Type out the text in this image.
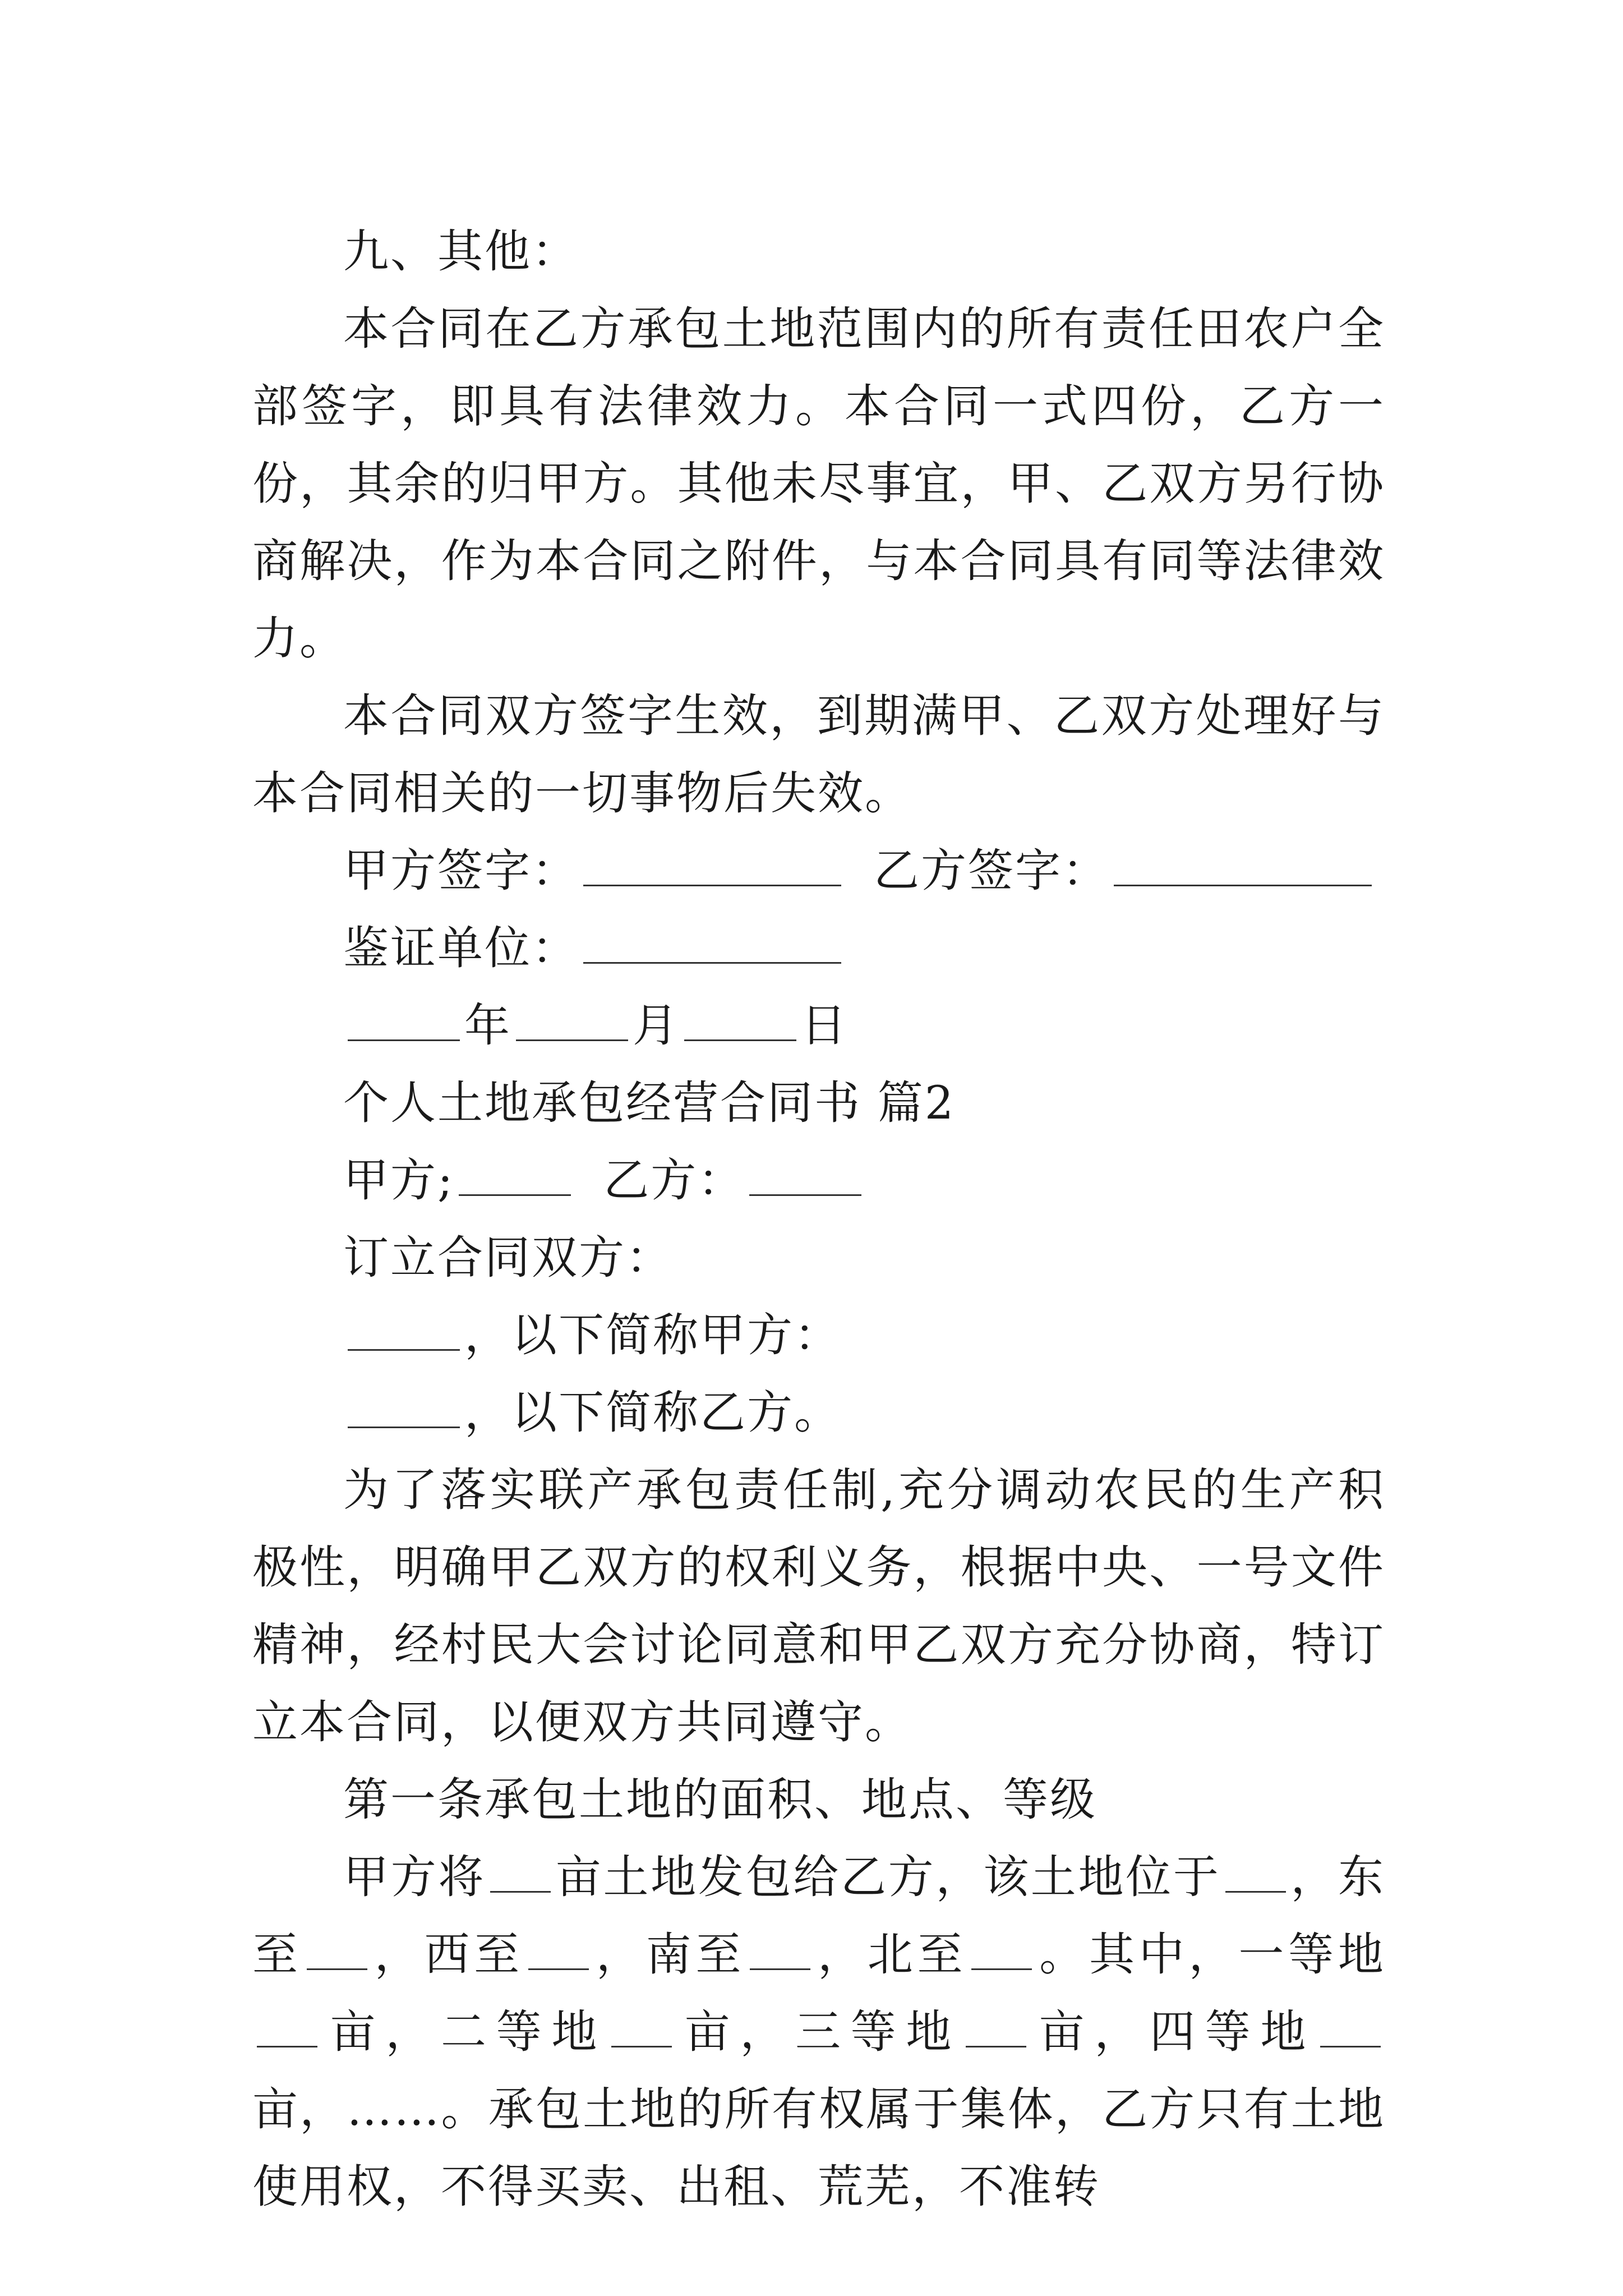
九、其他：

本合同在乙方承包土地范围内的所有责任田农户全部签字，即具有法律效力。本合同一式四份，乙方一份，其余的归甲方。其他未尽事宜，甲、乙双方另行协商解决，作为本合同之附件，与本合同具有同等法律效力。

本合同双方签字生效，到期满甲、乙双方处理好与本合同相关的一切事物后失效。

甲方签字：	乙方签字：

鉴证单位：

年	月	日

个人土地承包经营合同书 篇2

甲方;	乙方：

订立合同双方：

，以下简称甲方：

，以下简称乙方。

为了落实联产承包责任制,充分调动农民的生产积极性，明确甲乙双方的权利义务，根据中央、一号文件精神，经村民大会讨论同意和甲乙双方充分协商，特订立本合同，以便双方共同遵守。

第一条承包土地的面积、地点、等级

甲方将 亩土地发包给乙方，该土地位于 ，东至 ，西至 ，南至 ，北至 。其中，一等地亩，二等地 亩，三等地 亩，四等地亩，……。承包土地的所有权属于集体，乙方只有土地使用权，不得买卖、出租、荒芜，不准转
